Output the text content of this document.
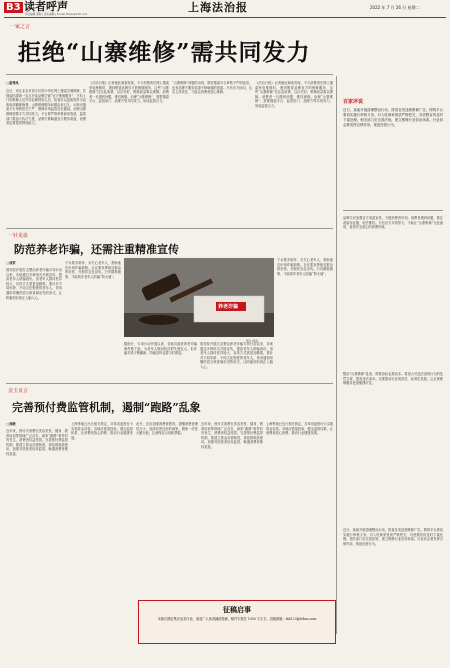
B3 读者呼声
责任编辑 黄陶 | 美术编辑 | E-mail:fxbjzs@126.com
上海法治报	2022 年 7 月 26 日 星期二
一家之言
拒绝“山寨维修”需共同发力
□高秀凤
近日，家住北京市昌平区的小李在网上搜索空调维修，在搜索结果第一页点开某品牌空调“官方维修服务”，不料上门的维修人员并非品牌授权人员，检查后以更换零件为由收取高额维修费。山寨维修服务问题由来已久，反映出搜索平台审核把关不严、维修市场监管存在漏洞。治理山寨维修需要多方共同发力。平台要严格审核商家资质，监管部门要加大执法力度，品牌方要畅通官方服务渠道，消费者也要提高辨别能力。
《法治日报》记者就此调查发现，不少消费者在网上搜索家电维修时，遇到假冒品牌官方的维修服务，这些“山寨维修”往往乱收费、以次充好，维修质量难以保障。消费者一旦遇到问题，维权困难。治理“山寨维修”，需要搜索平台、监管部门、品牌方等共同发力，形成监管合力。
“山寨维修”问题的出现，既有搜索平台审核不严的原因，也有品牌方服务渠道不够畅通的因素。只有多方协同，压实主体责任，才能让消费者放心维修。
《法治日报》记者就此调查发现，不少消费者在网上搜索家电维修时，遇到假冒品牌官方的维修服务，这些“山寨维修”往往乱收费、以次充好，维修质量难以保障。消费者一旦遇到问题，维权困难。治理“山寨维修”，需要搜索平台、监管部门、品牌方等共同发力，形成监管合力。
百家评说
近日，某地开展清理整治行动，排查各类违规维修广告。网络平台要切实履行审核义务，对入驻商家资质严格把关，对虚假宣传及时下架处理。相关部门应完善法规，建立维修行业信用体系。行业协会要发挥自律作用，规范经营行为。
品牌方应加强官方渠道宣传，方便消费者识别。消费者遇到问题，要注意留存证据，依法维权。只有各方共同努力，才能让“山寨维修”无处遁形，营造安全放心的消费环境。
整治“山寨维修”乱象，既要治标也要治本。要加大对违法违规行为的处罚力度，提高违法成本；还要推动行业规范化、标准化发展，让正规维修服务更加便捷可及。
近日，某地开展清理整治行动，排查各类违规维修广告。网络平台要切实履行审核义务，对入驻商家资质严格把关，对虚假宣传及时下架处理。相关部门应完善法规，建立维修行业信用体系。行业协会要发挥自律作用，规范经营行为。
一针见血
防范养老诈骗，还需注重精准宣传
□刘荣
国务院开展打击整治养老诈骗专项行动以来，各地通过多种形式开展宣传，提高老年人防骗意识。但老年人群体差异较大，宣传方式需更加精准。要针对不同年龄、不同文化程度的老年人，采用通俗易懂的语言和喜闻乐见的形式，让防骗知识真正入脑入心。
子女要多陪伴、多关心老年人，帮助他们识别诈骗套路。社区要发挥贴近群众的优势，开展常态化宣传。只有精准施策，才能筑牢老年人防骗“防火墙”。
养老诈骗
图片/网络
据统计，专项行动开展以来，各地共破获养老诈骗案件数千起，为老年人挽回经济损失数亿元。但诈骗手段不断翻新，防骗宣传也要与时俱进。
国务院开展打击整治养老诈骗专项行动以来，各地通过多种形式开展宣传，提高老年人防骗意识。但老年人群体差异较大，宣传方式需更加精准。要针对不同年龄、不同文化程度的老年人，采用通俗易懂的语言和喜闻乐见的形式，让防骗知识真正入脑入心。
子女要多陪伴、多关心老年人，帮助他们识别诈骗套路。社区要发挥贴近群众的优势，开展常态化宣传。只有精准施策，才能筑牢老年人防骗“防火墙”。
金玉良言
完善预付费监管机制，遏制“跑路”乱象
□刘晓
近年来，预付式消费在美容美发、健身、教育培训等领域广泛存在，商家“跑路”事件时有发生，消费者权益受损。完善预付费监管机制，要建立资金存管制度，规范预收款使用，加强对经营者信用监管，畅通消费者维权渠道。
上海等地已出台相关规定，对单用途预付卡实施资金存管。各地应借鉴经验，健全监管体系，让消费者放心消费，推动行业健康发展。
此外，还应加强消费者教育，提醒消费者理性办卡，选择信誉良好的商家，避免一次性大额充值，注意保存合同和票据。
近年来，预付式消费在美容美发、健身、教育培训等领域广泛存在，商家“跑路”事件时有发生，消费者权益受损。完善预付费监管机制，要建立资金存管制度，规范预收款使用，加强对经营者信用监管，畅通消费者维权渠道。
上海等地已出台相关规定，对单用途预付卡实施资金存管。各地应借鉴经验，健全监管体系，让消费者放心消费，推动行业健康发展。
征稿启事
本版长期征集法治类评论，欢迎广大读者踊跃投稿，稿件字数在 1000 字左右。投稿邮箱：fxb123@fzbao.com
